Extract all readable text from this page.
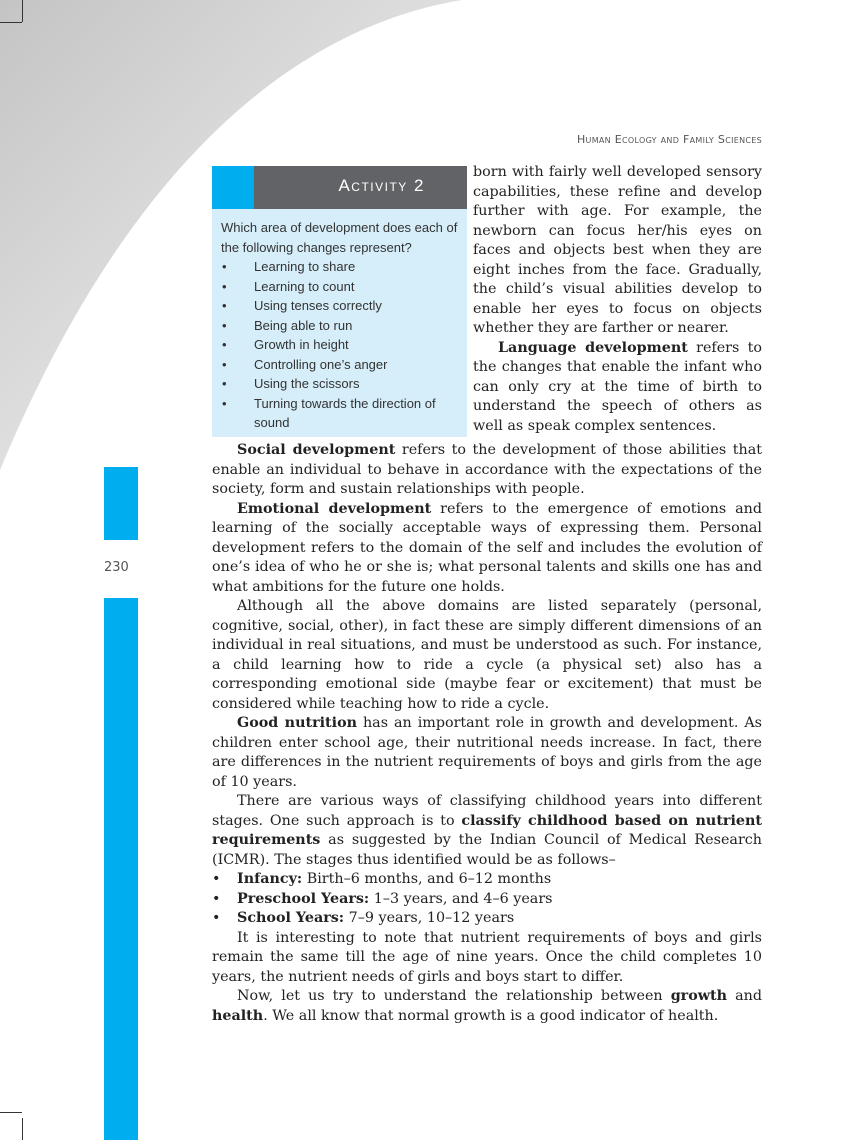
Human Ecology and Family Sciences
230
Activity 2
Which area of development does each of the following changes represent?
• Learning to share
• Learning to count
• Using tenses correctly
• Being able to run
• Growth in height
• Controlling one’s anger
• Using the scissors
• Turning towards the direction of sound

born with fairly well developed sensory capabilities, these refine and develop further with age. For example, the newborn can focus her/his eyes on faces and objects best when they are eight inches from the face. Gradually, the child’s visual abilities develop to enable her eyes to focus on objects whether they are farther or nearer.

Language development refers to the changes that enable the infant who can only cry at the time of birth to understand the speech of others as well as speak complex sentences.

Social development refers to the development of those abilities that enable an individual to behave in accordance with the expectations of the society, form and sustain relationships with people.

Emotional development refers to the emergence of emotions and learning of the socially acceptable ways of expressing them. Personal development refers to the domain of the self and includes the evolution of one’s idea of who he or she is; what personal talents and skills one has and what ambitions for the future one holds.

Although all the above domains are listed separately (personal, cognitive, social, other), in fact these are simply different dimensions of an individual in real situations, and must be understood as such. For instance, a child learning how to ride a cycle (a physical set) also has a corresponding emotional side (maybe fear or excitement) that must be considered while teaching how to ride a cycle.

Good nutrition has an important role in growth and development. As children enter school age, their nutritional needs increase. In fact, there are differences in the nutrient requirements of boys and girls from the age of 10 years.

There are various ways of classifying childhood years into different stages. One such approach is to classify childhood based on nutrient requirements as suggested by the Indian Council of Medical Research (ICMR). The stages thus identified would be as follows–

• Infancy: Birth–6 months, and 6–12 months
• Preschool Years: 1–3 years, and 4–6 years
• School Years: 7–9 years, 10–12 years

It is interesting to note that nutrient requirements of boys and girls remain the same till the age of nine years. Once the child completes 10 years, the nutrient needs of girls and boys start to differ.

Now, let us try to understand the relationship between growth and health. We all know that normal growth is a good indicator of health.
